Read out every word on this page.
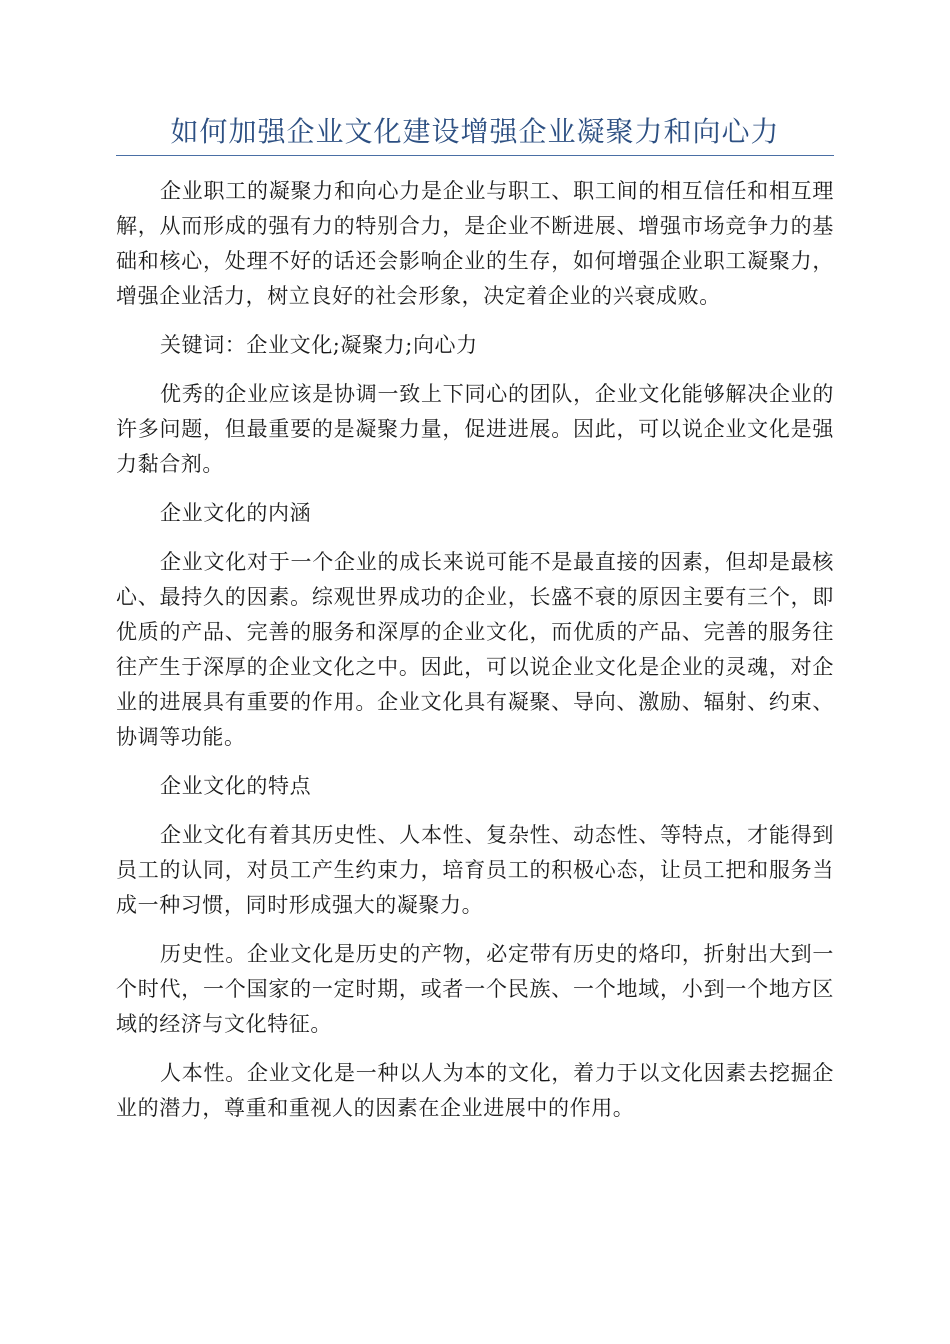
如何加强企业文化建设增强企业凝聚力和向心力

企业职工的凝聚力和向心力是企业与职工、职工间的相互信任和相互理解，从而形成的强有力的特别合力，是企业不断进展、增强市场竞争力的基础和核心，处理不好的话还会影响企业的生存，如何增强企业职工凝聚力，增强企业活力，树立良好的社会形象，决定着企业的兴衰成败。

关键词：企业文化;凝聚力;向心力

优秀的企业应该是协调一致上下同心的团队，企业文化能够解决企业的许多问题，但最重要的是凝聚力量，促进进展。因此，可以说企业文化是强力黏合剂。

企业文化的内涵

企业文化对于一个企业的成长来说可能不是最直接的因素，但却是最核心、最持久的因素。综观世界成功的企业，长盛不衰的原因主要有三个，即优质的产品、完善的服务和深厚的企业文化，而优质的产品、完善的服务往往产生于深厚的企业文化之中。因此，可以说企业文化是企业的灵魂，对企业的进展具有重要的作用。企业文化具有凝聚、导向、激励、辐射、约束、协调等功能。

企业文化的特点

企业文化有着其历史性、人本性、复杂性、动态性、等特点，才能得到员工的认同，对员工产生约束力，培育员工的积极心态，让员工把和服务当成一种习惯，同时形成强大的凝聚力。

历史性。企业文化是历史的产物，必定带有历史的烙印，折射出大到一个时代，一个国家的一定时期，或者一个民族、一个地域，小到一个地方区域的经济与文化特征。

人本性。企业文化是一种以人为本的文化，着力于以文化因素去挖掘企业的潜力，尊重和重视人的因素在企业进展中的作用。
